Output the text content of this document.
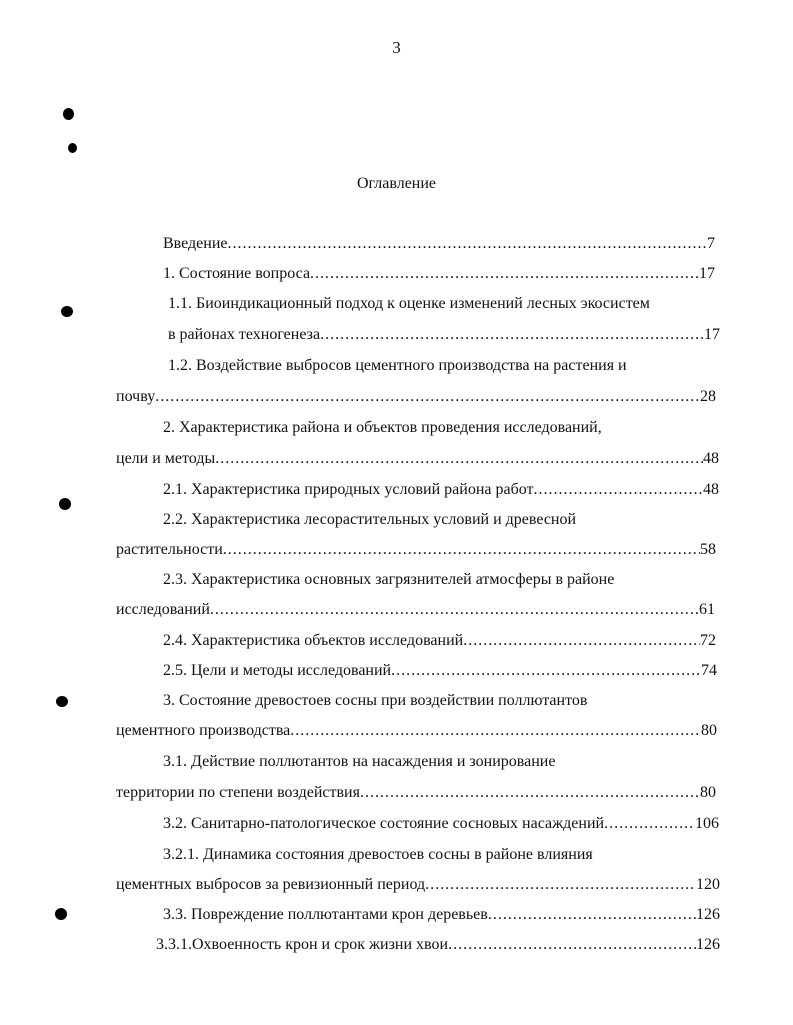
3
Оглавление
Введение .....	7
1. Состояние вопроса .....	17
1.1. Биоиндикационный подход к оценке изменений лесных экосистем
в районах техногенеза .....	17
1.2. Воздействие выбросов цементного производства на растения и
почву .....	28
2. Характеристика района и объектов проведения исследований,
цели и методы .....	48
2.1. Характеристика природных условий района работ .....	48
2.2. Характеристика лесорастительных условий и древесной
растительности .....	58
2.3. Характеристика основных загрязнителей атмосферы в районе
исследований .....	61
2.4. Характеристика объектов исследований .....	72
2.5. Цели и методы исследований .....	74
3. Состояние древостоев сосны при воздействии поллютантов
цементного производства .....	80
3.1. Действие поллютантов на насаждения и зонирование
территории по степени воздействия .....	80
3.2. Санитарно-патологическое состояние сосновых насаждений .....	106
3.2.1. Динамика состояния древостоев сосны в районе влияния
цементных выбросов за ревизионный период .....	120
3.3. Повреждение поллютантами крон деревьев .....	126
3.3.1.Охвоенность крон и срок жизни хвои .....	126
